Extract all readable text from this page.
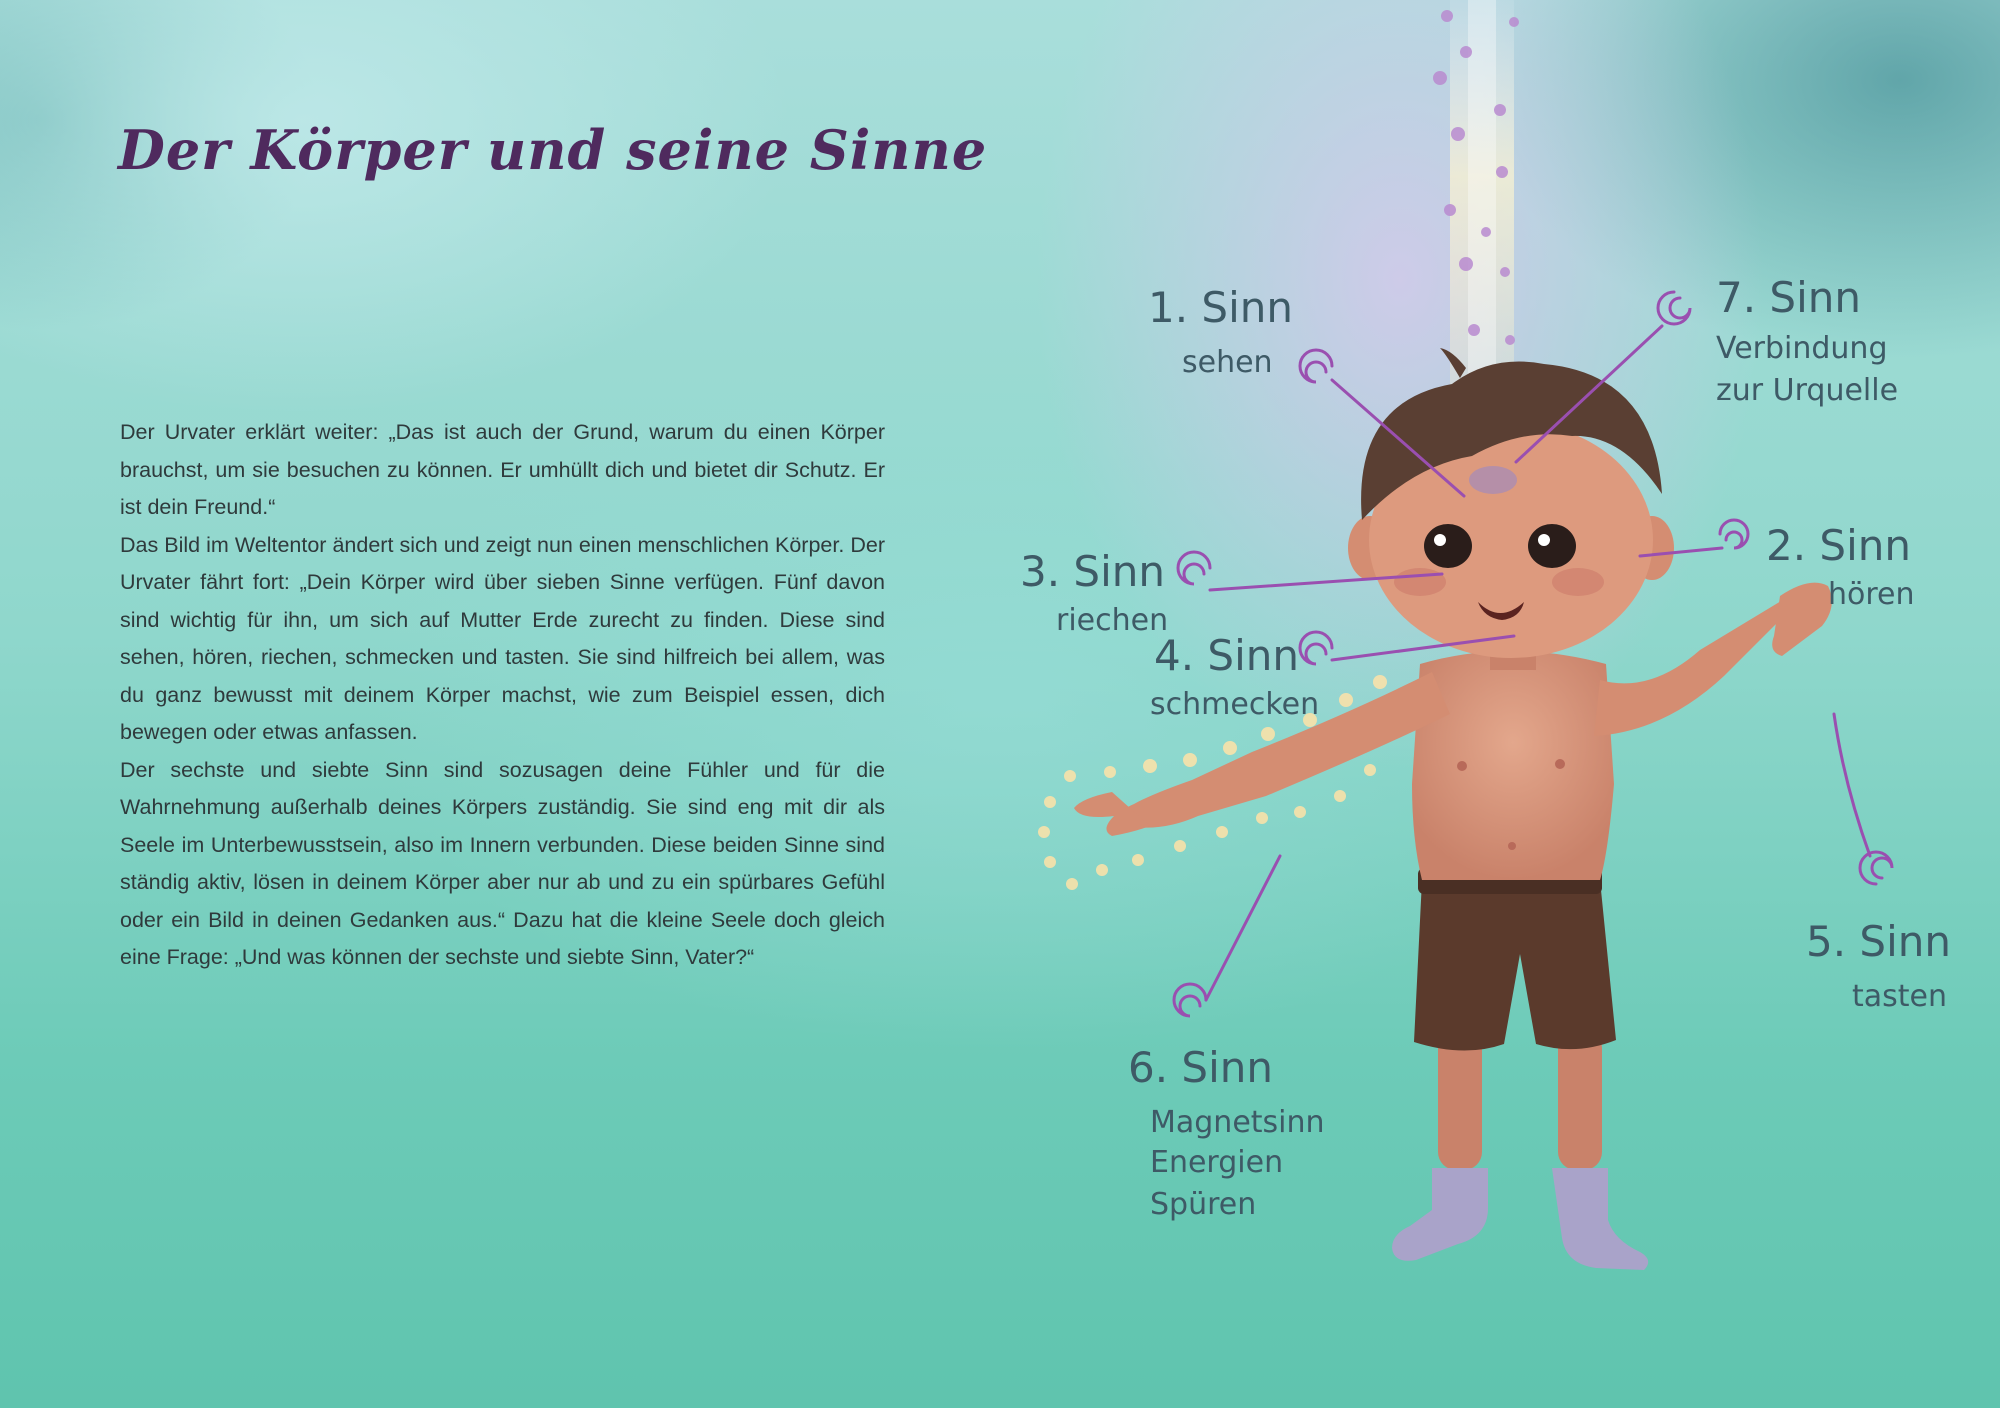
Der Körper und seine Sinne

Der Urvater erklärt weiter: „Das ist auch der Grund, warum du einen Körper brauchst, um sie besuchen zu können. Er umhüllt dich und bietet dir Schutz. Er ist dein Freund.“

Das Bild im Weltentor ändert sich und zeigt nun einen menschlichen Körper. Der Urvater fährt fort: „Dein Körper wird über sieben Sinne verfügen. Fünf davon sind wichtig für ihn, um sich auf Mutter Erde zurecht zu finden. Diese sind sehen, hören, riechen, schmecken und tasten. Sie sind hilfreich bei allem, was du ganz bewusst mit deinem Körper machst, wie zum Beispiel essen, dich bewegen oder etwas anfassen.

Der sechste und siebte Sinn sind sozusagen deine Fühler und für die Wahrnehmung außerhalb deines Körpers zuständig. Sie sind eng mit dir als Seele im Unterbewusstsein, also im Innern verbunden. Diese beiden Sinne sind ständig aktiv, lösen in deinem Körper aber nur ab und zu ein spürbares Gefühl oder ein Bild in deinen Gedanken aus.“ Dazu hat die kleine Seele doch gleich eine Frage: „Und was können der sechste und siebte Sinn, Vater?“

1. Sinn
sehen
2. Sinn
hören
3. Sinn
riechen
4. Sinn
schmecken
5. Sinn
tasten
6. Sinn
Magnetsinn
Energien
Spüren
7. Sinn
Verbindung
zur Urquelle
